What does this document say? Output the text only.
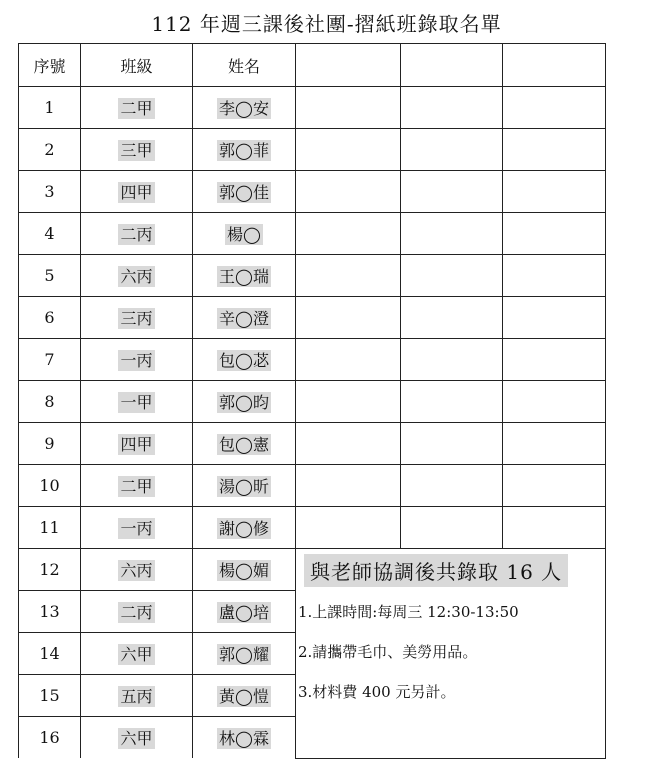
112 年週三課後社團-摺紙班錄取名單
序號	班級	姓名			
1	二甲	李◯安			
2	三甲	郭◯菲			
3	四甲	郭◯佳			
4	二丙	楊◯			
5	六丙	王◯瑞			
6	三丙	辛◯澄			
7	一丙	包◯苾			
8	一甲	郭◯昀			
9	四甲	包◯憲			
10	二甲	湯◯昕			
11	一丙	謝◯修			
12	六丙	楊◯媚	與老師協調後共錄取 16 人
1.上課時間:每周三 12:30-13:50
2.請攜帶毛巾、美勞用品。
3.材料費 400 元另計。		

13	二丙	盧◯培			
14	六甲	郭◯耀			
15	五丙	黃◯愷			
16	六甲	林◯霖			
